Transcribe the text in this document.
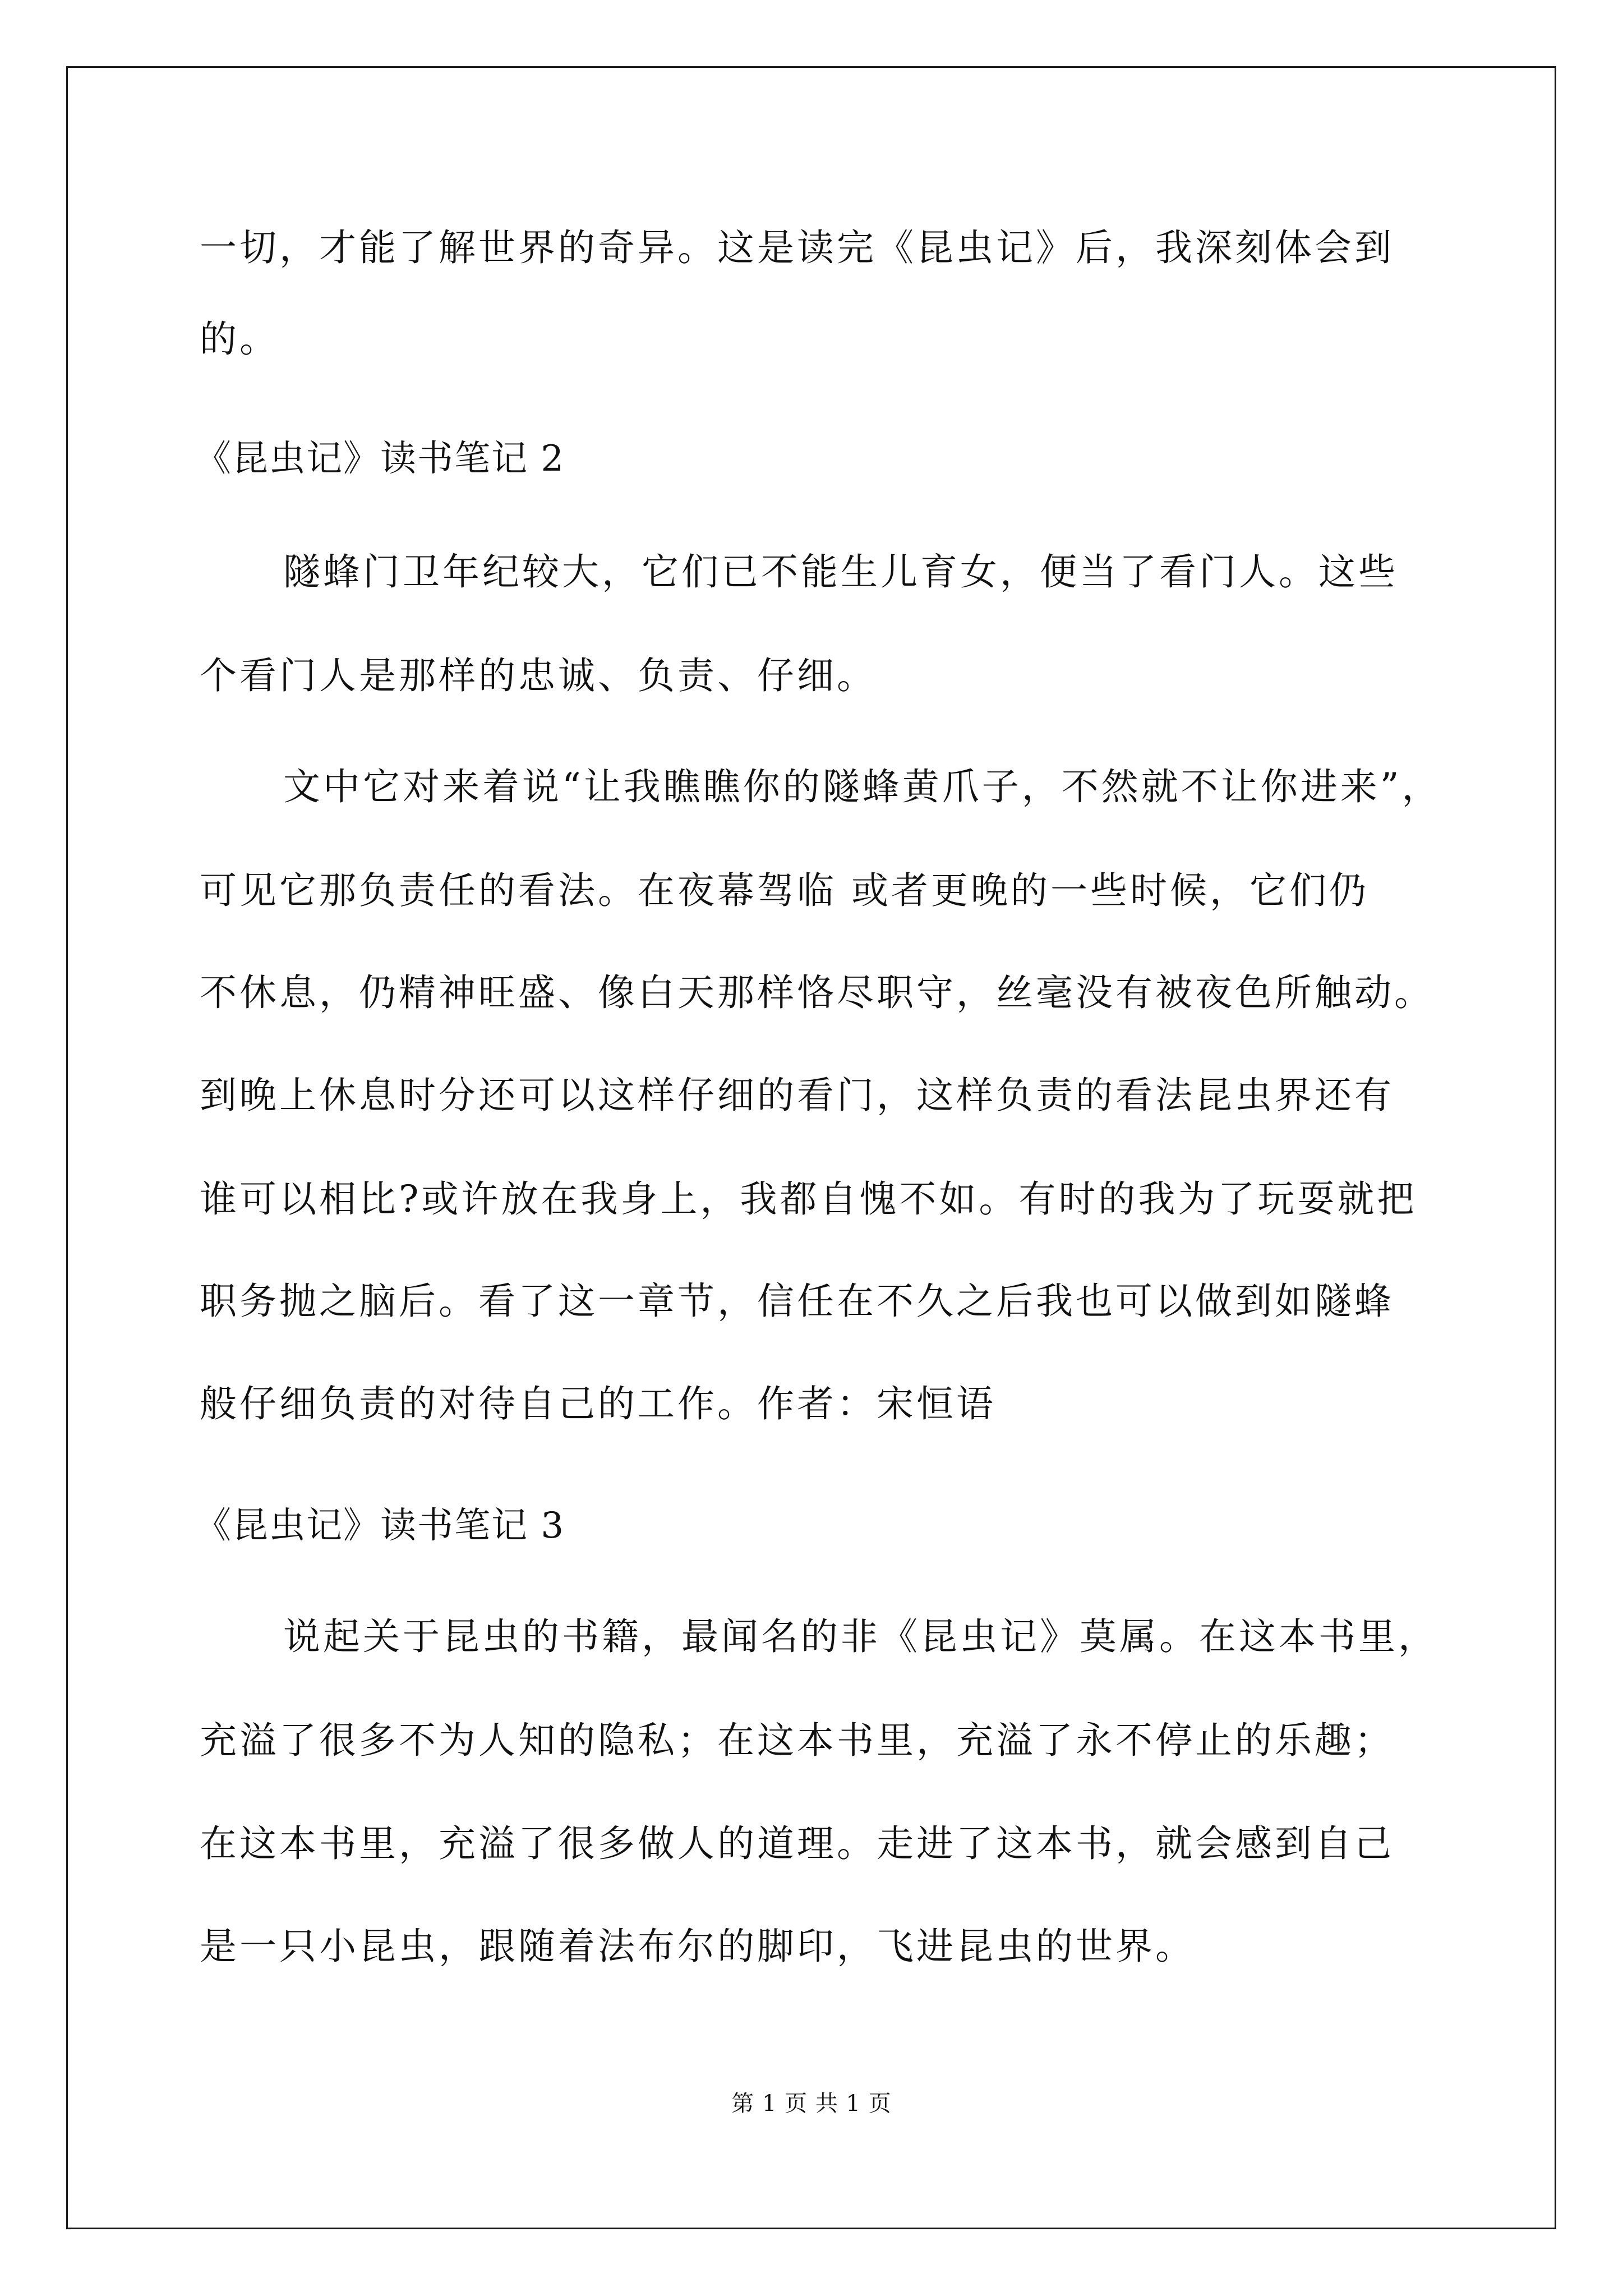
一切，才能了解世界的奇异。这是读完《昆虫记》后，我深刻体会到

的。

《昆虫记》读书笔记 2

隧蜂门卫年纪较大，它们已不能生儿育女，便当了看门人。这些

个看门人是那样的忠诚、负责、仔细。

文中它对来着说“让我瞧瞧你的隧蜂黄爪子，不然就不让你进来”，

可见它那负责任的看法。在夜幕驾临 或者更晚的一些时候，它们仍

不休息，仍精神旺盛、像白天那样恪尽职守，丝毫没有被夜色所触动。

到晚上休息时分还可以这样仔细的看门，这样负责的看法昆虫界还有

谁可以相比?或许放在我身上，我都自愧不如。有时的我为了玩耍就把

职务抛之脑后。看了这一章节，信任在不久之后我也可以做到如隧蜂

般仔细负责的对待自己的工作。作者：宋恒语

《昆虫记》读书笔记 3

说起关于昆虫的书籍，最闻名的非《昆虫记》莫属。在这本书里，

充溢了很多不为人知的隐私；在这本书里，充溢了永不停止的乐趣；

在这本书里，充溢了很多做人的道理。走进了这本书，就会感到自己

是一只小昆虫，跟随着法布尔的脚印，飞进昆虫的世界。

第 1 页 共 1 页
